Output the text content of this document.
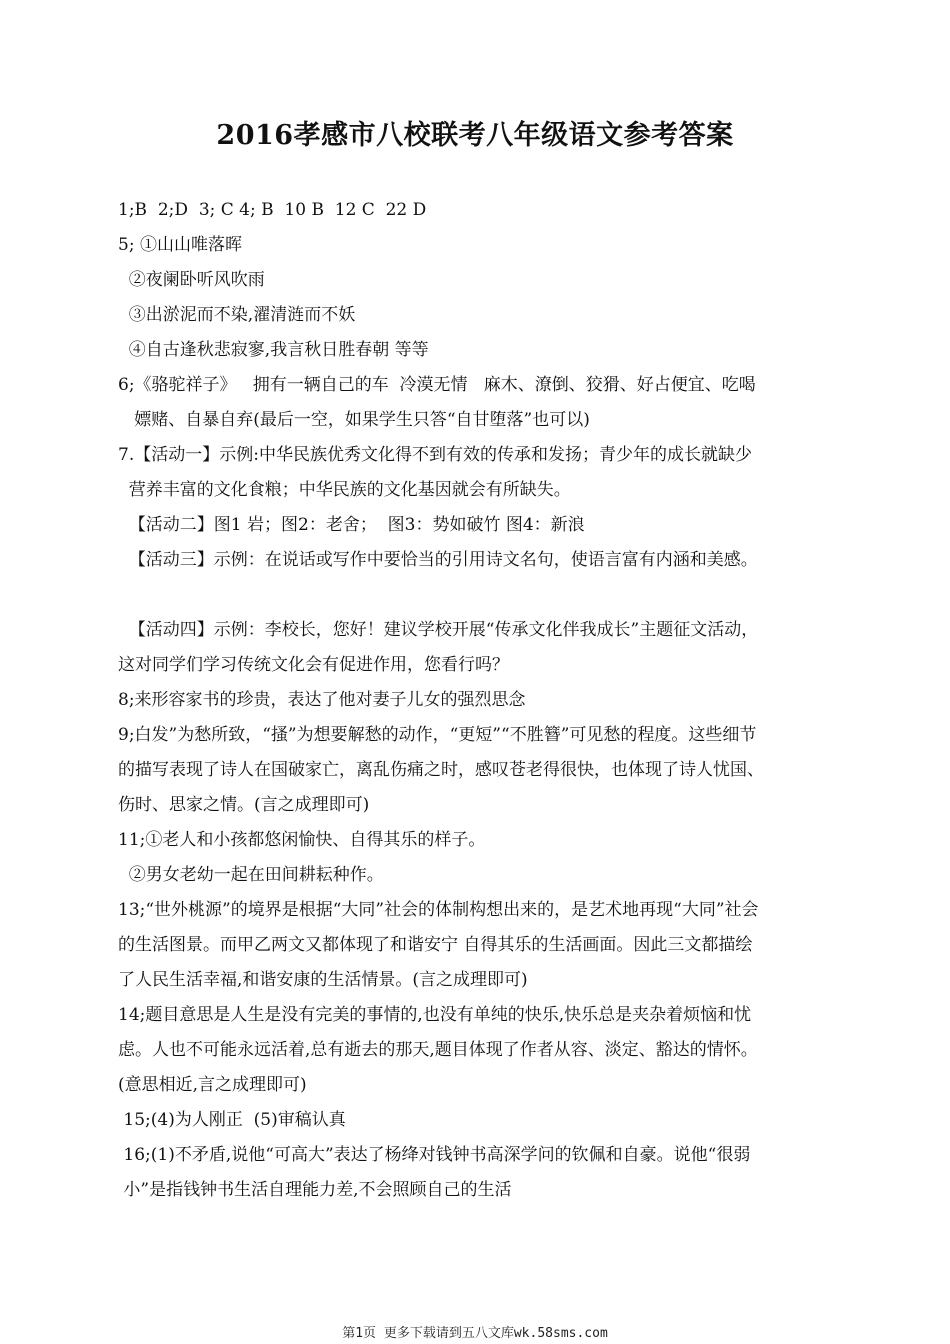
2016孝感市八校联考八年级语文参考答案
1;B  2;D  3; C 4; B  10 B  12 C  22 D
5; ①山山唯落晖
②夜阑卧听风吹雨
③出淤泥而不染,濯清涟而不妖
④自古逢秋悲寂寥,我言秋日胜春朝 等等
6;《骆驼祥子》   拥有一辆自己的车  冷漠无情   麻木、潦倒、狡猾、好占便宜、吃喝
嫖赌、自暴自弃(最后一空，如果学生只答“自甘堕落”也可以)
7.【活动一】示例:中华民族优秀文化得不到有效的传承和发扬；青少年的成长就缺少
营养丰富的文化食粮；中华民族的文化基因就会有所缺失。
【活动二】图1 岩；图2：老舍；  图3：势如破竹 图4：新浪
【活动三】示例：在说话或写作中要恰当的引用诗文名句，使语言富有内涵和美感。
【活动四】示例：李校长，您好！建议学校开展“传承文化伴我成长”主题征文活动，
这对同学们学习传统文化会有促进作用，您看行吗？
8;来形容家书的珍贵，表达了他对妻子儿女的强烈思念
9;白发”为愁所致，“搔”为想要解愁的动作，“更短”“不胜簪”可见愁的程度。这些细节
的描写表现了诗人在国破家亡，离乱伤痛之时，感叹苍老得很快，也体现了诗人忧国、
伤时、思家之情。(言之成理即可)
11;①老人和小孩都悠闲愉快、自得其乐的样子。
②男女老幼一起在田间耕耘种作。
13;“世外桃源”的境界是根据“大同”社会的体制构想出来的，是艺术地再现“大同”社会
的生活图景。而甲乙两文又都体现了和谐安宁 自得其乐的生活画面。因此三文都描绘
了人民生活幸福,和谐安康的生活情景。(言之成理即可)
14;题目意思是人生是没有完美的事情的,也没有单纯的快乐,快乐总是夹杂着烦恼和忧
虑。人也不可能永远活着,总有逝去的那天,题目体现了作者从容、淡定、豁达的情怀。
(意思相近,言之成理即可)
15;(4)为人刚正  (5)审稿认真
16;(1)不矛盾,说他“可高大”表达了杨绛对钱钟书高深学问的钦佩和自豪。说他“很弱
小”是指钱钟书生活自理能力差,不会照顾自己的生活
第1页 更多下载请到五八文库wk.58sms.com
